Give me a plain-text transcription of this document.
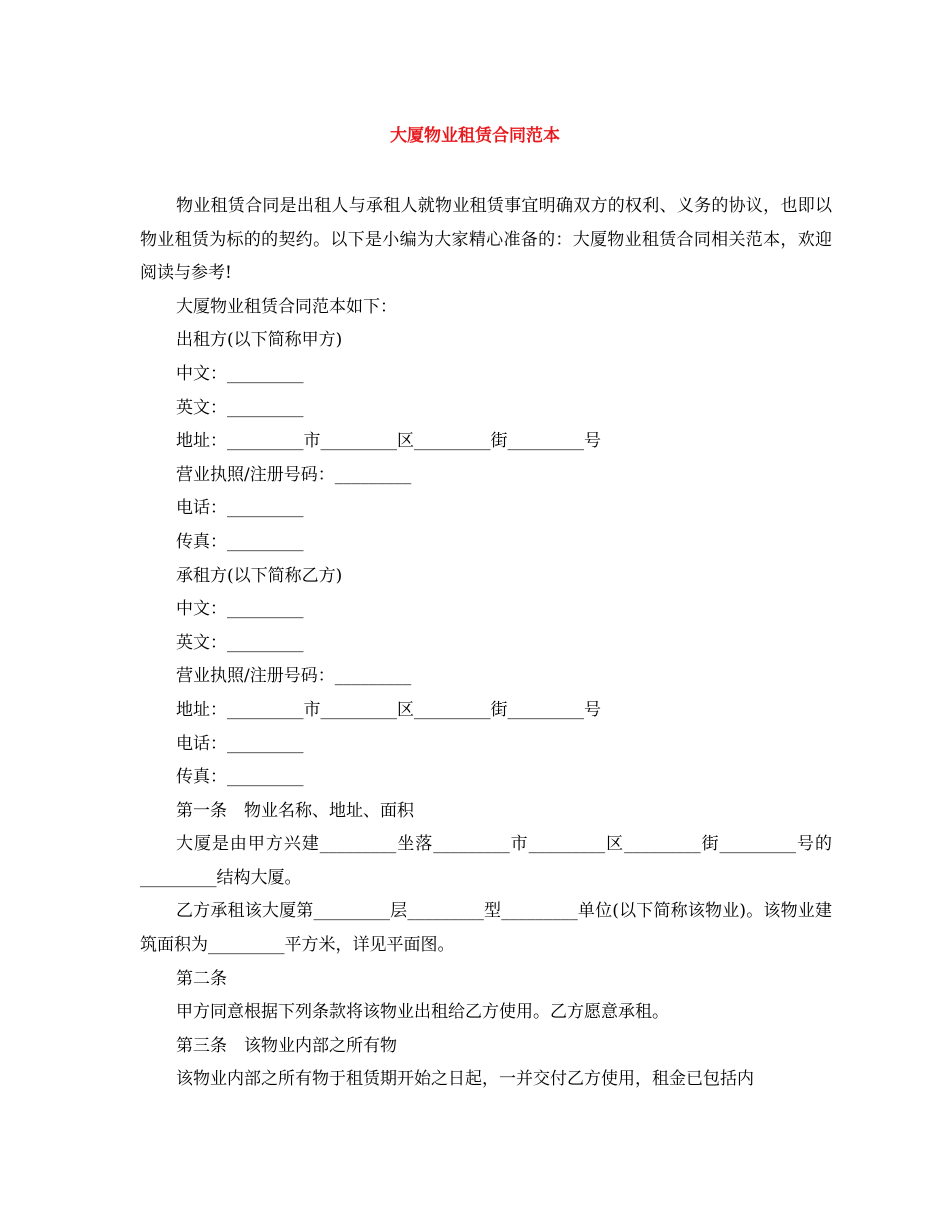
大厦物业租赁合同范本

物业租赁合同是出租人与承租人就物业租赁事宜明确双方的权利、义务的协议，也即以物业租赁为标的的契约。以下是小编为大家精心准备的：大厦物业租赁合同相关范本，欢迎阅读与参考!

大厦物业租赁合同范本如下：

出租方(以下简称甲方)

中文：_________

英文：_________

地址：_________市_________区_________街_________号

营业执照/注册号码：_________

电话：_________

传真：_________

承租方(以下简称乙方)

中文：_________

英文：_________

营业执照/注册号码：_________

地址：_________市_________区_________街_________号

电话：_________

传真：_________

第一条　物业名称、地址、面积

大厦是由甲方兴建_________坐落_________市_________区_________街_________号的_________结构大厦。

乙方承租该大厦第_________层_________型_________单位(以下简称该物业)。该物业建筑面积为_________平方米，详见平面图。

第二条

甲方同意根据下列条款将该物业出租给乙方使用。乙方愿意承租。

第三条　该物业内部之所有物

该物业内部之所有物于租赁期开始之日起，一并交付乙方使用，租金已包括内
